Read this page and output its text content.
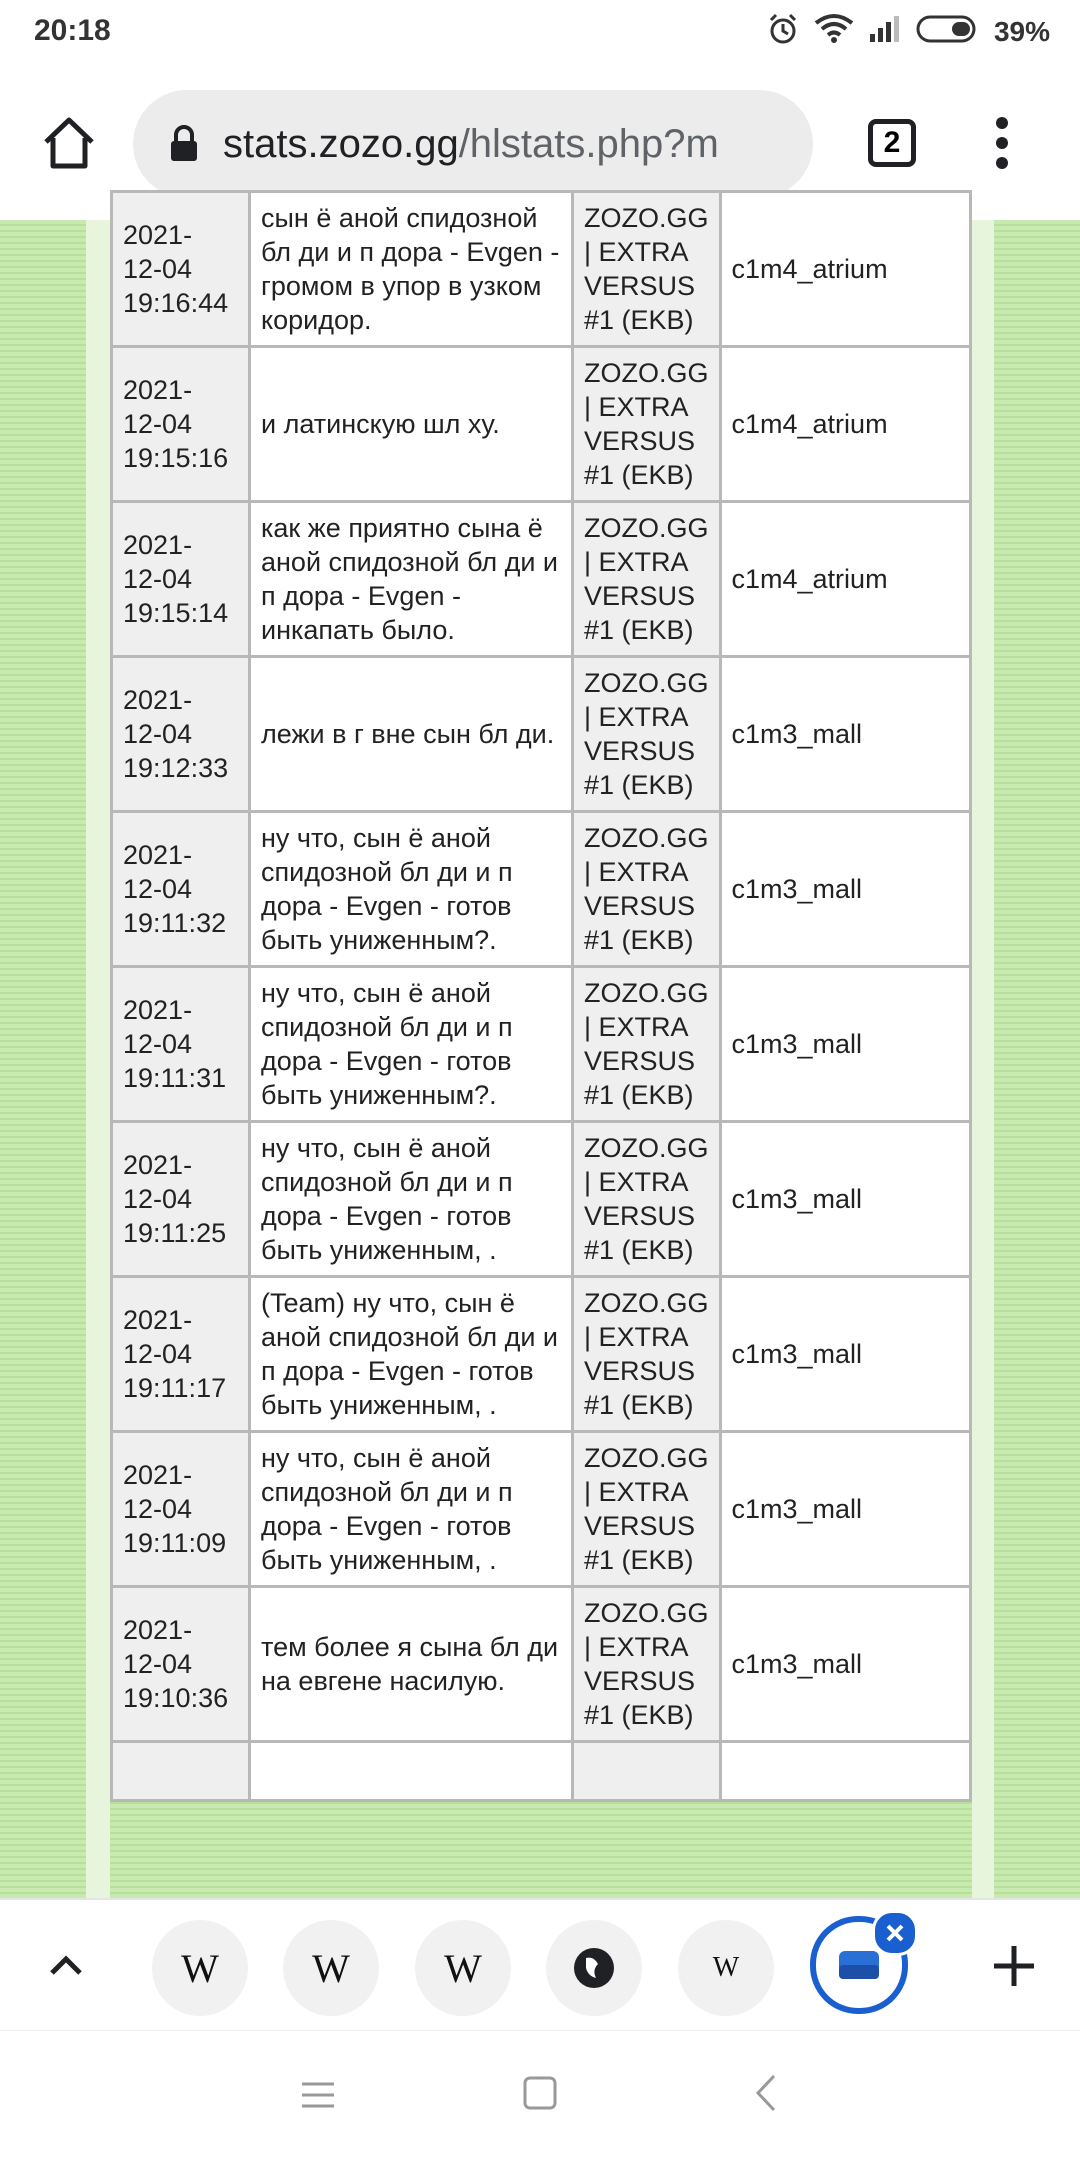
20:18	39%
stats.zozo.gg/hlstats.php?m	2
2021-
12-04
19:16:44	сын ё аной спидозной бл ди и п дора - Evgen - громом в упор в узком коридор.	ZOZO.GG | EXTRA VERSUS #1 (EKB)	c1m4_atrium
2021-
12-04
19:15:16	и латинскую шл ху.	ZOZO.GG | EXTRA VERSUS #1 (EKB)	c1m4_atrium
2021-
12-04
19:15:14	как же приятно сына ё аной спидозной бл ди и п дора - Evgen - инкапать было.	ZOZO.GG | EXTRA VERSUS #1 (EKB)	c1m4_atrium
2021-
12-04
19:12:33	лежи в г вне сын бл ди.	ZOZO.GG | EXTRA VERSUS #1 (EKB)	c1m3_mall
2021-
12-04
19:11:32	ну что, сын ё аной спидозной бл ди и п дора - Evgen - готов быть униженным?.	ZOZO.GG | EXTRA VERSUS #1 (EKB)	c1m3_mall
2021-
12-04
19:11:31	ну что, сын ё аной спидозной бл ди и п дора - Evgen - готов быть униженным?.	ZOZO.GG | EXTRA VERSUS #1 (EKB)	c1m3_mall
2021-
12-04
19:11:25	ну что, сын ё аной спидозной бл ди и п дора - Evgen - готов быть униженным, .	ZOZO.GG | EXTRA VERSUS #1 (EKB)	c1m3_mall
2021-
12-04
19:11:17	(Team) ну что, сын ё аной спидозной бл ди и п дора - Evgen - готов быть униженным, .	ZOZO.GG | EXTRA VERSUS #1 (EKB)	c1m3_mall
2021-
12-04
19:11:09	ну что, сын ё аной спидозной бл ди и п дора - Evgen - готов быть униженным, .	ZOZO.GG | EXTRA VERSUS #1 (EKB)	c1m3_mall
2021-
12-04
19:10:36	тем более я сына бл ди на евгене насилую.	ZOZO.GG | EXTRA VERSUS #1 (EKB)	c1m3_mall

W W W	W
